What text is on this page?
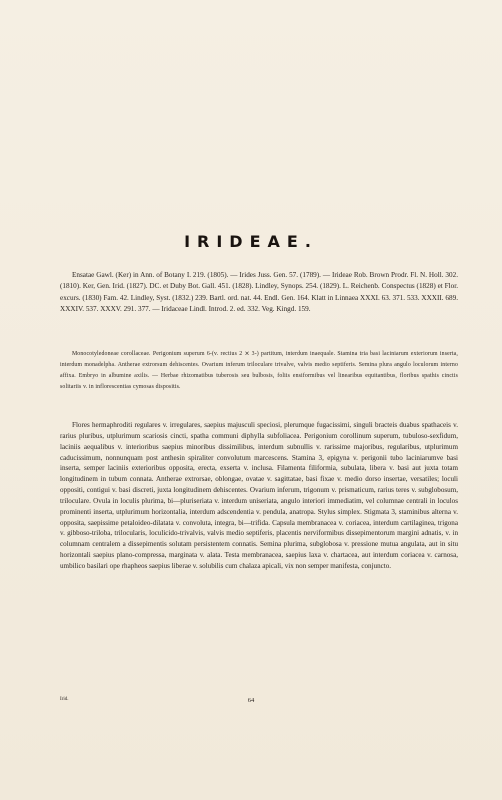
IRIDEAE.
Ensatae Gawl. (Ker) in Ann. of Botany I. 219. (1805). — Irides Juss. Gen. 57. (1789). — Irideae Rob. Brown Prodr. Fl. N. Holl. 302. (1810). Ker, Gen. Irid. (1827). DC. et Duby Bot. Gall. 451. (1828). Lindley, Synops. 254. (1829). L. Reichenb. Conspectus (1828) et Flor. excurs. (1830) Fam. 42. Lindley, Syst. (1832.) 239. Bartl. ord. nat. 44. Endl. Gen. 164. Klatt in Linnaea XXXI. 63. 371. 533. XXXII. 689. XXXIV. 537. XXXV. 291. 377. — Iridaceae Lindl. Introd. 2. ed. 332. Veg. Kingd. 159.
Monocotyledoneae corollaceae. Perigonium superum 6-(v. rectius 2 ⨯ 3-) partitum, interdum inaequale. Stamina tria basi laciniarum exteriorum inserta, interdum monadelpha. Antherae extrorsum dehiscentes. Ovarium inferum triloculare trivalve, valvis medio septiferis. Semina plura angulo loculorum interno affixa. Embryo in albumine axilis. — Herbae rhizomatibus tuberosis seu bulbosis, foliis ensiformibus vel linearibus equitantibus, floribus spathis cinctis solitariis v. in inflorescentias cymosas dispositis.
Flores hermaphroditi regulares v. irregulares, saepius majusculi speciosi, plerumque fugacissimi, singuli bracteis duabus spathaceis v. rarius pluribus, utplurimum scariosis cincti, spatha communi diphylla subfoliacea. Perigonium corollinum superum, tubuloso-sexfidum, laciniis aequalibus v. interioribus saepius minoribus dissimilibus, interdum subnullis v. rarissime majoribus, regularibus, utplurimum caducissimum, nonnunquam post anthesin spiraliter convolutum marcescens. Stamina 3, epigyna v. perigonii tubo laciniarumve basi inserta, semper laciniis exterioribus opposita, erecta, exserta v. inclusa. Filamenta filiformia, subulata, libera v. basi aut juxta totam longitudinem in tubum connata. Antherae extrorsae, oblongae, ovatae v. sagittatae, basi fixae v. medio dorso insertae, versatiles; loculi oppositi, contigui v. basi discreti, juxta longitudinem dehiscentes. Ovarium inferum, trigonum v. prismaticum, rarius teres v. subglobosum, triloculare. Ovula in loculis plurima, bi—pluriseriata v. interdum uniseriata, angulo interiori immediatim, vel columnae centrali in loculos prominenti inserta, utplurimum horizontalia, interdum adscendentia v. pendula, anatropa. Stylus simplex. Stigmata 3, staminibus alterna v. opposita, saepissime petaloideo-dilatata v. convoluta, integra, bi—trifida. Capsula membranacea v. coriacea, interdum cartilaginea, trigona v. gibboso-triloba, trilocularis, loculicido-trivalvis, valvis medio septiferis, placentis nerviformibus dissepimentorum margini adnatis, v. in columnam centralem a dissepimentis solutam persistentem connatis. Semina plurima, subglobosa v. pressione mutua angulata, aut in situ horizontali saepius plano-compressa, marginata v. alata. Testa membranacea, saepius laxa v. chartacea, aut interdum coriacea v. carnosa, umbilico basilari ope rhapheos saepius liberae v. solubilis cum chalaza apicali, vix non semper manifesta, conjuncto.
Irid.	64
